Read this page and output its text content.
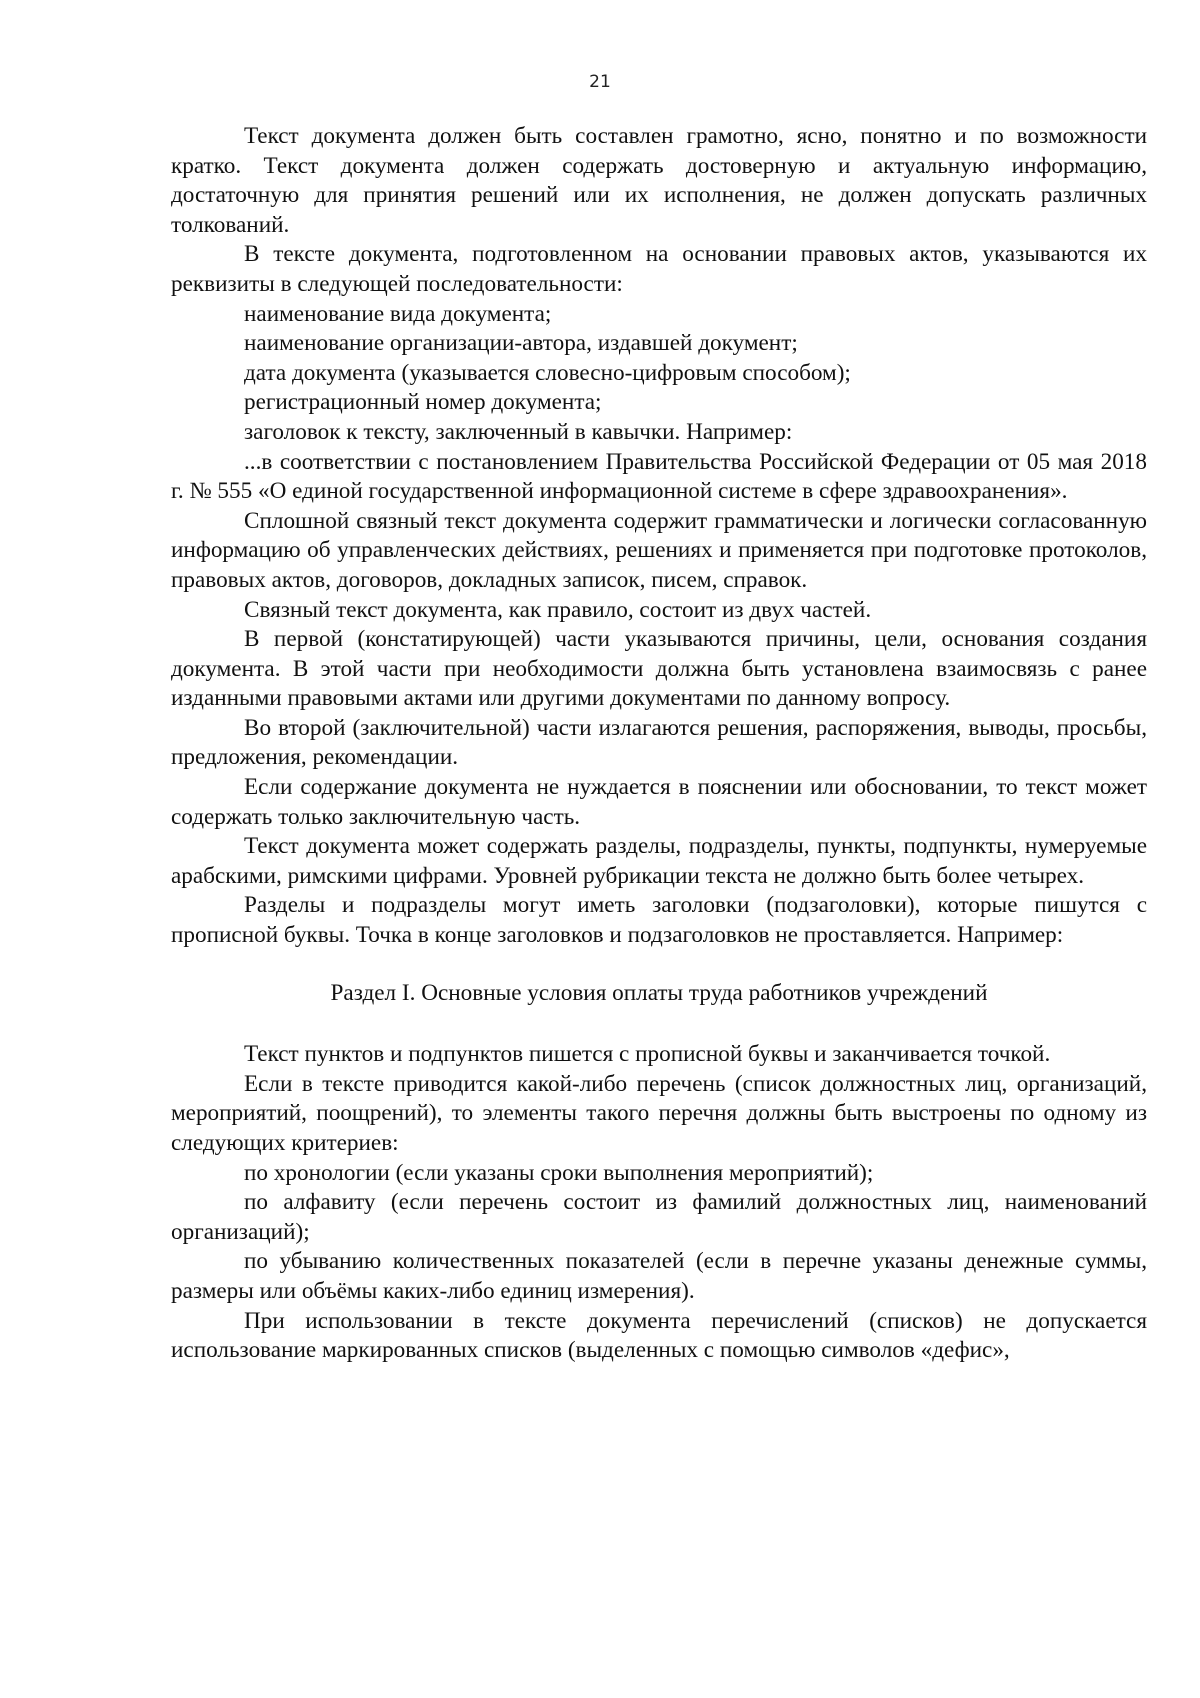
21

Текст документа должен быть составлен грамотно, ясно, понятно и по возможности кратко. Текст документа должен содержать достоверную и актуальную информацию, достаточную для принятия решений или их исполнения, не должен допускать различных толкований.

В тексте документа, подготовленном на основании правовых актов, указываются их реквизиты в следующей последовательности:

наименование вида документа;

наименование организации-автора, издавшей документ;

дата документа (указывается словесно-цифровым способом);

регистрационный номер документа;

заголовок к тексту, заключенный в кавычки. Например:

...в соответствии с постановлением Правительства Российской Федерации от 05 мая 2018 г. № 555 «О единой государственной информационной системе в сфере здравоохранения».

Сплошной связный текст документа содержит грамматически и логически согласованную информацию об управленческих действиях, решениях и применяется при подготовке протоколов, правовых актов, договоров, докладных записок, писем, справок.

Связный текст документа, как правило, состоит из двух частей.

В первой (констатирующей) части указываются причины, цели, основания создания документа. В этой части при необходимости должна быть установлена взаимосвязь с ранее изданными правовыми актами или другими документами по данному вопросу.

Во второй (заключительной) части излагаются решения, распоряжения, выводы, просьбы, предложения, рекомендации.

Если содержание документа не нуждается в пояснении или обосновании, то текст может содержать только заключительную часть.

Текст документа может содержать разделы, подразделы, пункты, подпункты, нумеруемые арабскими, римскими цифрами. Уровней рубрикации текста не должно быть более четырех.

Разделы и подразделы могут иметь заголовки (подзаголовки), которые пишутся с прописной буквы. Точка в конце заголовков и подзаголовков не проставляется. Например:

Раздел I. Основные условия оплаты труда работников учреждений

Текст пунктов и подпунктов пишется с прописной буквы и заканчивается точкой.

Если в тексте приводится какой-либо перечень (список должностных лиц, организаций, мероприятий, поощрений), то элементы такого перечня должны быть выстроены по одному из следующих критериев:

по хронологии (если указаны сроки выполнения мероприятий);

по алфавиту (если перечень состоит из фамилий должностных лиц, наименований организаций);

по убыванию количественных показателей (если в перечне указаны денежные суммы, размеры или объёмы каких-либо единиц измерения).

При использовании в тексте документа перечислений (списков) не допускается использование маркированных списков (выделенных с помощью символов «дефис»,
